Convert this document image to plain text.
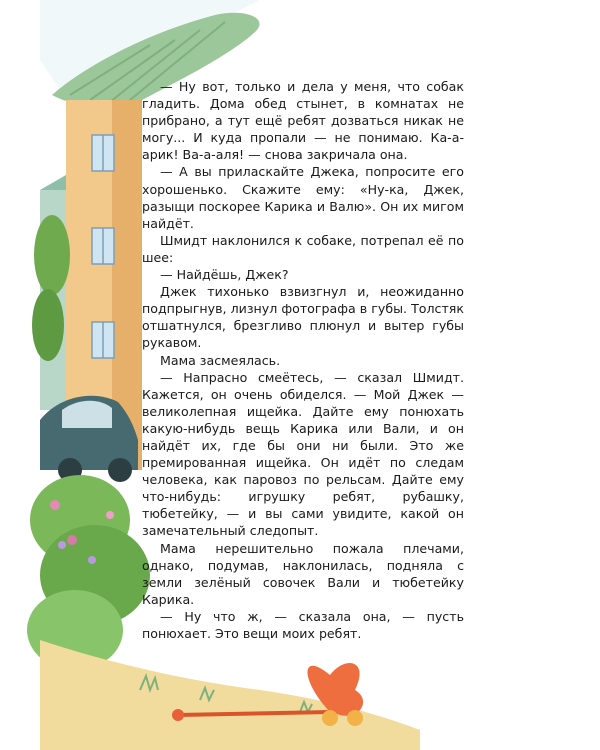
— Ну вот, только и дела у меня, что собак гладить. Дома обед стынет, в комнатах не прибрано, а тут ещё ребят дозваться никак не могу... И куда пропали — не понимаю. Ка-а-арик! Ва-а-аля! — снова закричала она.

— А вы приласкайте Джека, попросите его хорошенько. Скажите ему: «Ну-ка, Джек, разыщи поскорее Карика и Валю». Он их мигом найдёт.

Шмидт наклонился к собаке, потрепал её по шее:

— Найдёшь, Джек?

Джек тихонько взвизгнул и, неожиданно подпрыгнув, лизнул фотографа в губы. Толстяк отшатнулся, брезгливо плюнул и вытер губы рукавом.

Мама засмеялась.

— Напрасно смеётесь, — сказал Шмидт. Кажется, он очень обиделся. — Мой Джек — великолепная ищейка. Дайте ему понюхать какую-нибудь вещь Карика или Вали, и он найдёт их, где бы они ни были. Это же премированная ищейка. Он идёт по следам человека, как паровоз по рельсам. Дайте ему что-нибудь: игрушку ребят, рубашку, тюбетейку, — и вы сами увидите, какой он замечательный следопыт.

Мама нерешительно пожала плечами, однако, подумав, наклонилась, подняла с земли зелёный совочек Вали и тюбетейку Карика.

— Ну что ж, — сказала она, — пусть понюхает. Это вещи моих ребят.
